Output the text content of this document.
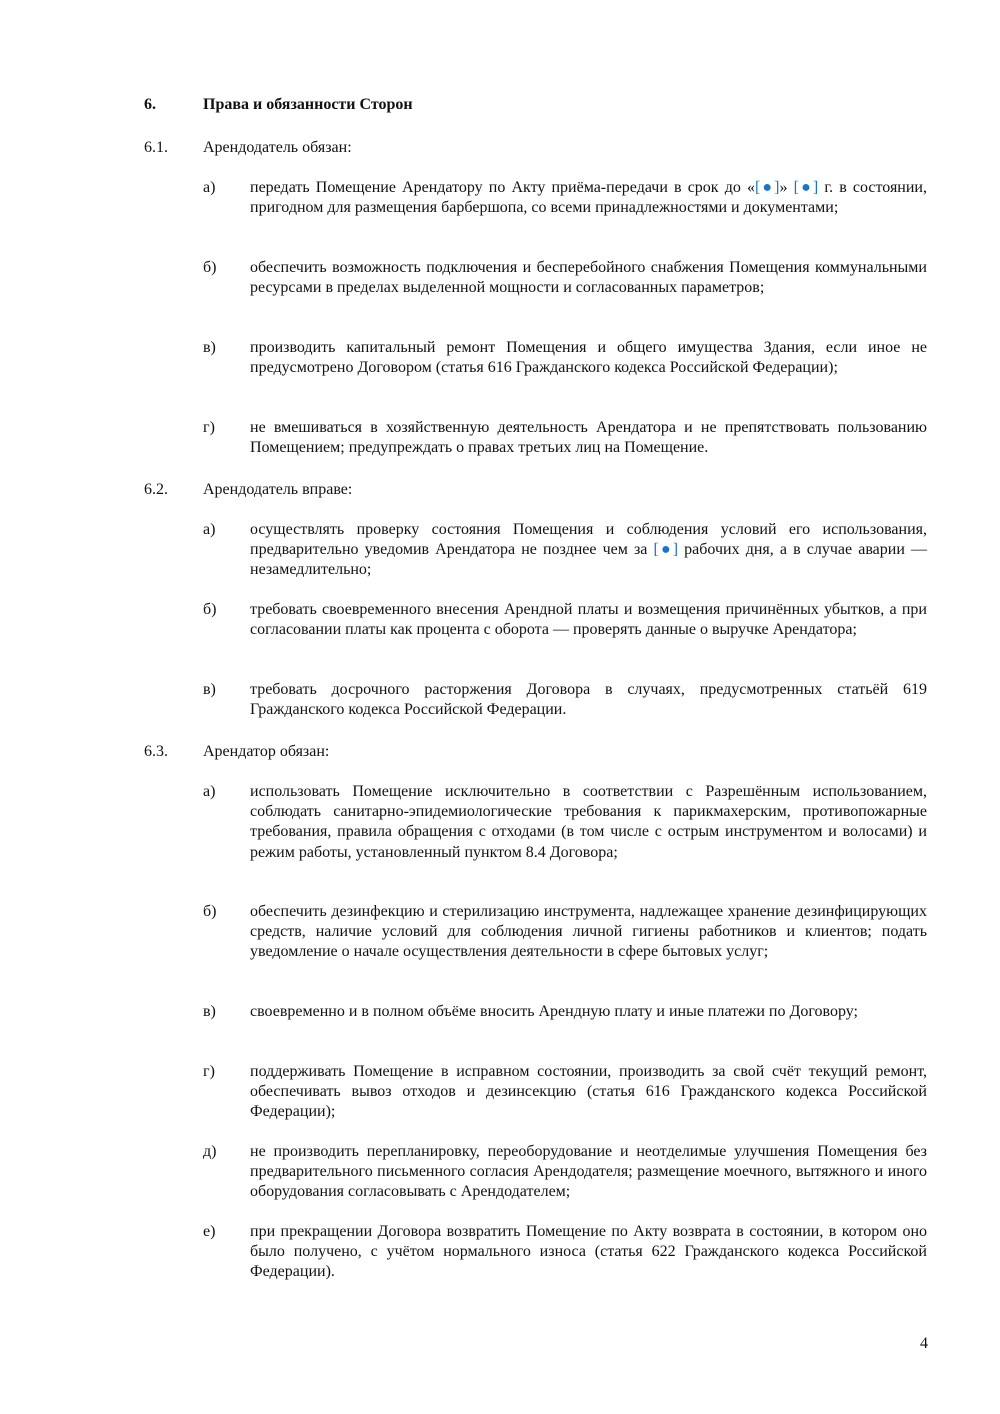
6.	Права и обязанности Сторон
6.1. Арендодатель обязан:
а) передать Помещение Арендатору по Акту приёма-передачи в срок до «[●]» [●] г. в состоянии, пригодном для размещения барбершопа, со всеми принадлежностями и документами;
б) обеспечить возможность подключения и бесперебойного снабжения Помещения коммунальными ресурсами в пределах выделенной мощности и согласованных параметров;
в) производить капитальный ремонт Помещения и общего имущества Здания, если иное не предусмотрено Договором (статья 616 Гражданского кодекса Российской Федерации);
г) не вмешиваться в хозяйственную деятельность Арендатора и не препятствовать пользованию Помещением; предупреждать о правах третьих лиц на Помещение.
6.2. Арендодатель вправе:
а) осуществлять проверку состояния Помещения и соблюдения условий его использования, предварительно уведомив Арендатора не позднее чем за [●] рабочих дня, а в случае аварии — незамедлительно;
б) требовать своевременного внесения Арендной платы и возмещения причинённых убытков, а при согласовании платы как процента с оборота — проверять данные о выручке Арендатора;
в) требовать досрочного расторжения Договора в случаях, предусмотренных статьёй 619 Гражданского кодекса Российской Федерации.
6.3. Арендатор обязан:
а) использовать Помещение исключительно в соответствии с Разрешённым использованием, соблюдать санитарно-эпидемиологические требования к парикмахерским, противопожарные требования, правила обращения с отходами (в том числе с острым инструментом и волосами) и режим работы, установленный пунктом 8.4 Договора;
б) обеспечить дезинфекцию и стерилизацию инструмента, надлежащее хранение дезинфицирующих средств, наличие условий для соблюдения личной гигиены работников и клиентов; подать уведомление о начале осуществления деятельности в сфере бытовых услуг;
в) своевременно и в полном объёме вносить Арендную плату и иные платежи по Договору;
г) поддерживать Помещение в исправном состоянии, производить за свой счёт текущий ремонт, обеспечивать вывоз отходов и дезинсекцию (статья 616 Гражданского кодекса Российской Федерации);
д) не производить перепланировку, переоборудование и неотделимые улучшения Помещения без предварительного письменного согласия Арендодателя; размещение моечного, вытяжного и иного оборудования согласовывать с Арендодателем;
е) при прекращении Договора возвратить Помещение по Акту возврата в состоянии, в котором оно было получено, с учётом нормального износа (статья 622 Гражданского кодекса Российской Федерации).
4
